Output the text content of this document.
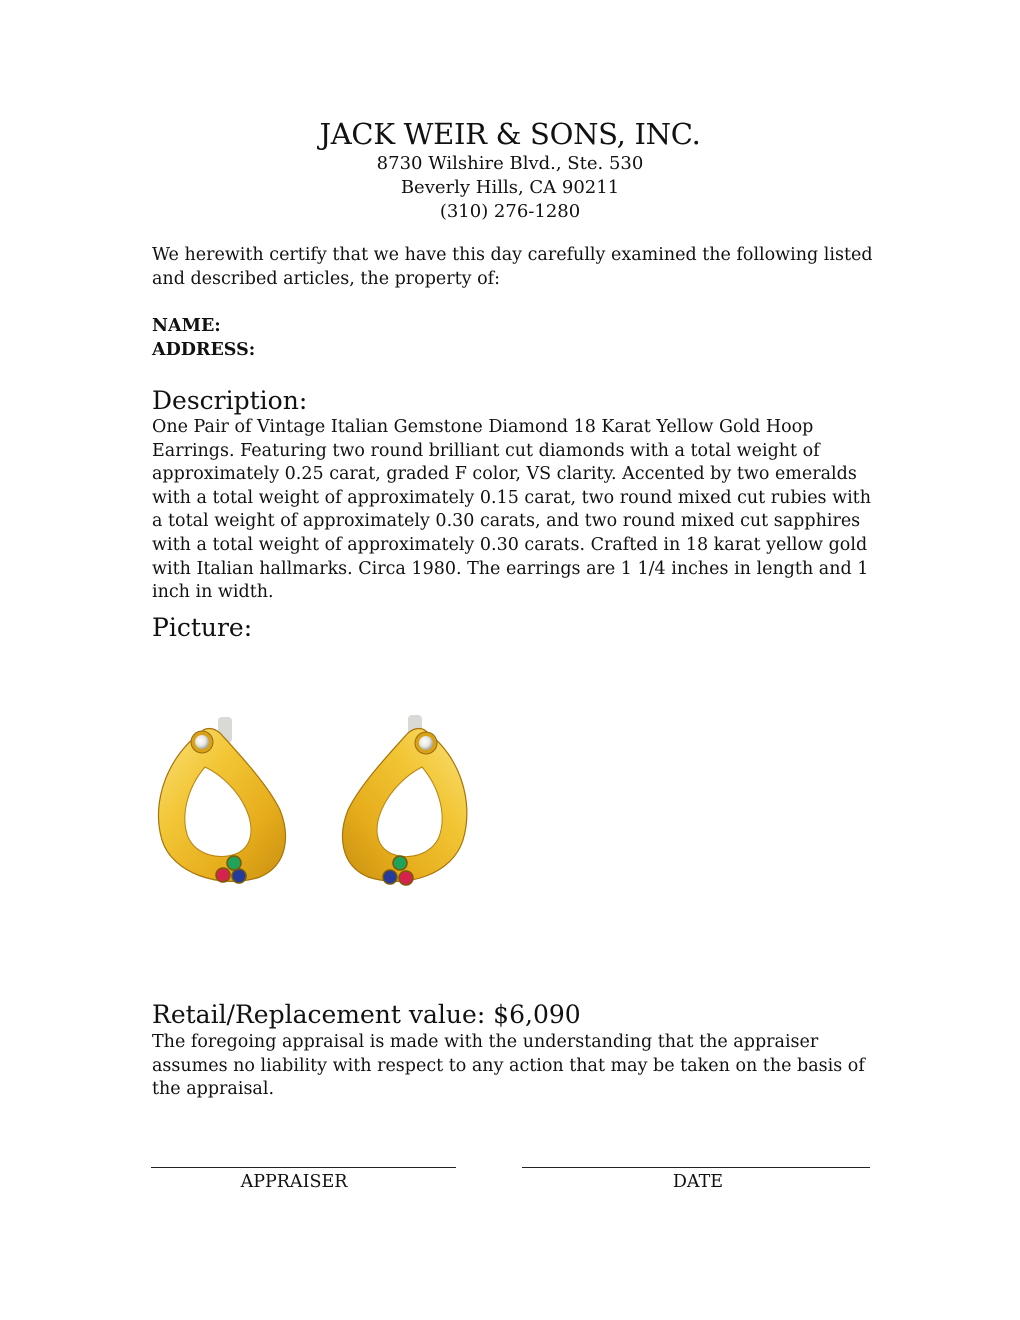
JACK WEIR & SONS, INC.
8730 Wilshire Blvd., Ste. 530
Beverly Hills, CA 90211
(310) 276-1280
We herewith certify that we have this day carefully examined the following listed and described articles, the property of:
NAME:
ADDRESS:
Description:
One Pair of Vintage Italian Gemstone Diamond 18 Karat Yellow Gold Hoop Earrings. Featuring two round brilliant cut diamonds with a total weight of approximately 0.25 carat, graded F color, VS clarity. Accented by two emeralds with a total weight of approximately 0.15 carat, two round mixed cut rubies with a total weight of approximately 0.30 carats, and two round mixed cut sapphires with a total weight of approximately 0.30 carats. Crafted in 18 karat yellow gold with Italian hallmarks. Circa 1980. The earrings are 1 1/4 inches in length and 1 inch in width.
Picture:
Retail/Replacement value: $6,090
The foregoing appraisal is made with the understanding that the appraiser assumes no liability with respect to any action that may be taken on the basis of the appraisal.
APPRAISER	DATE
